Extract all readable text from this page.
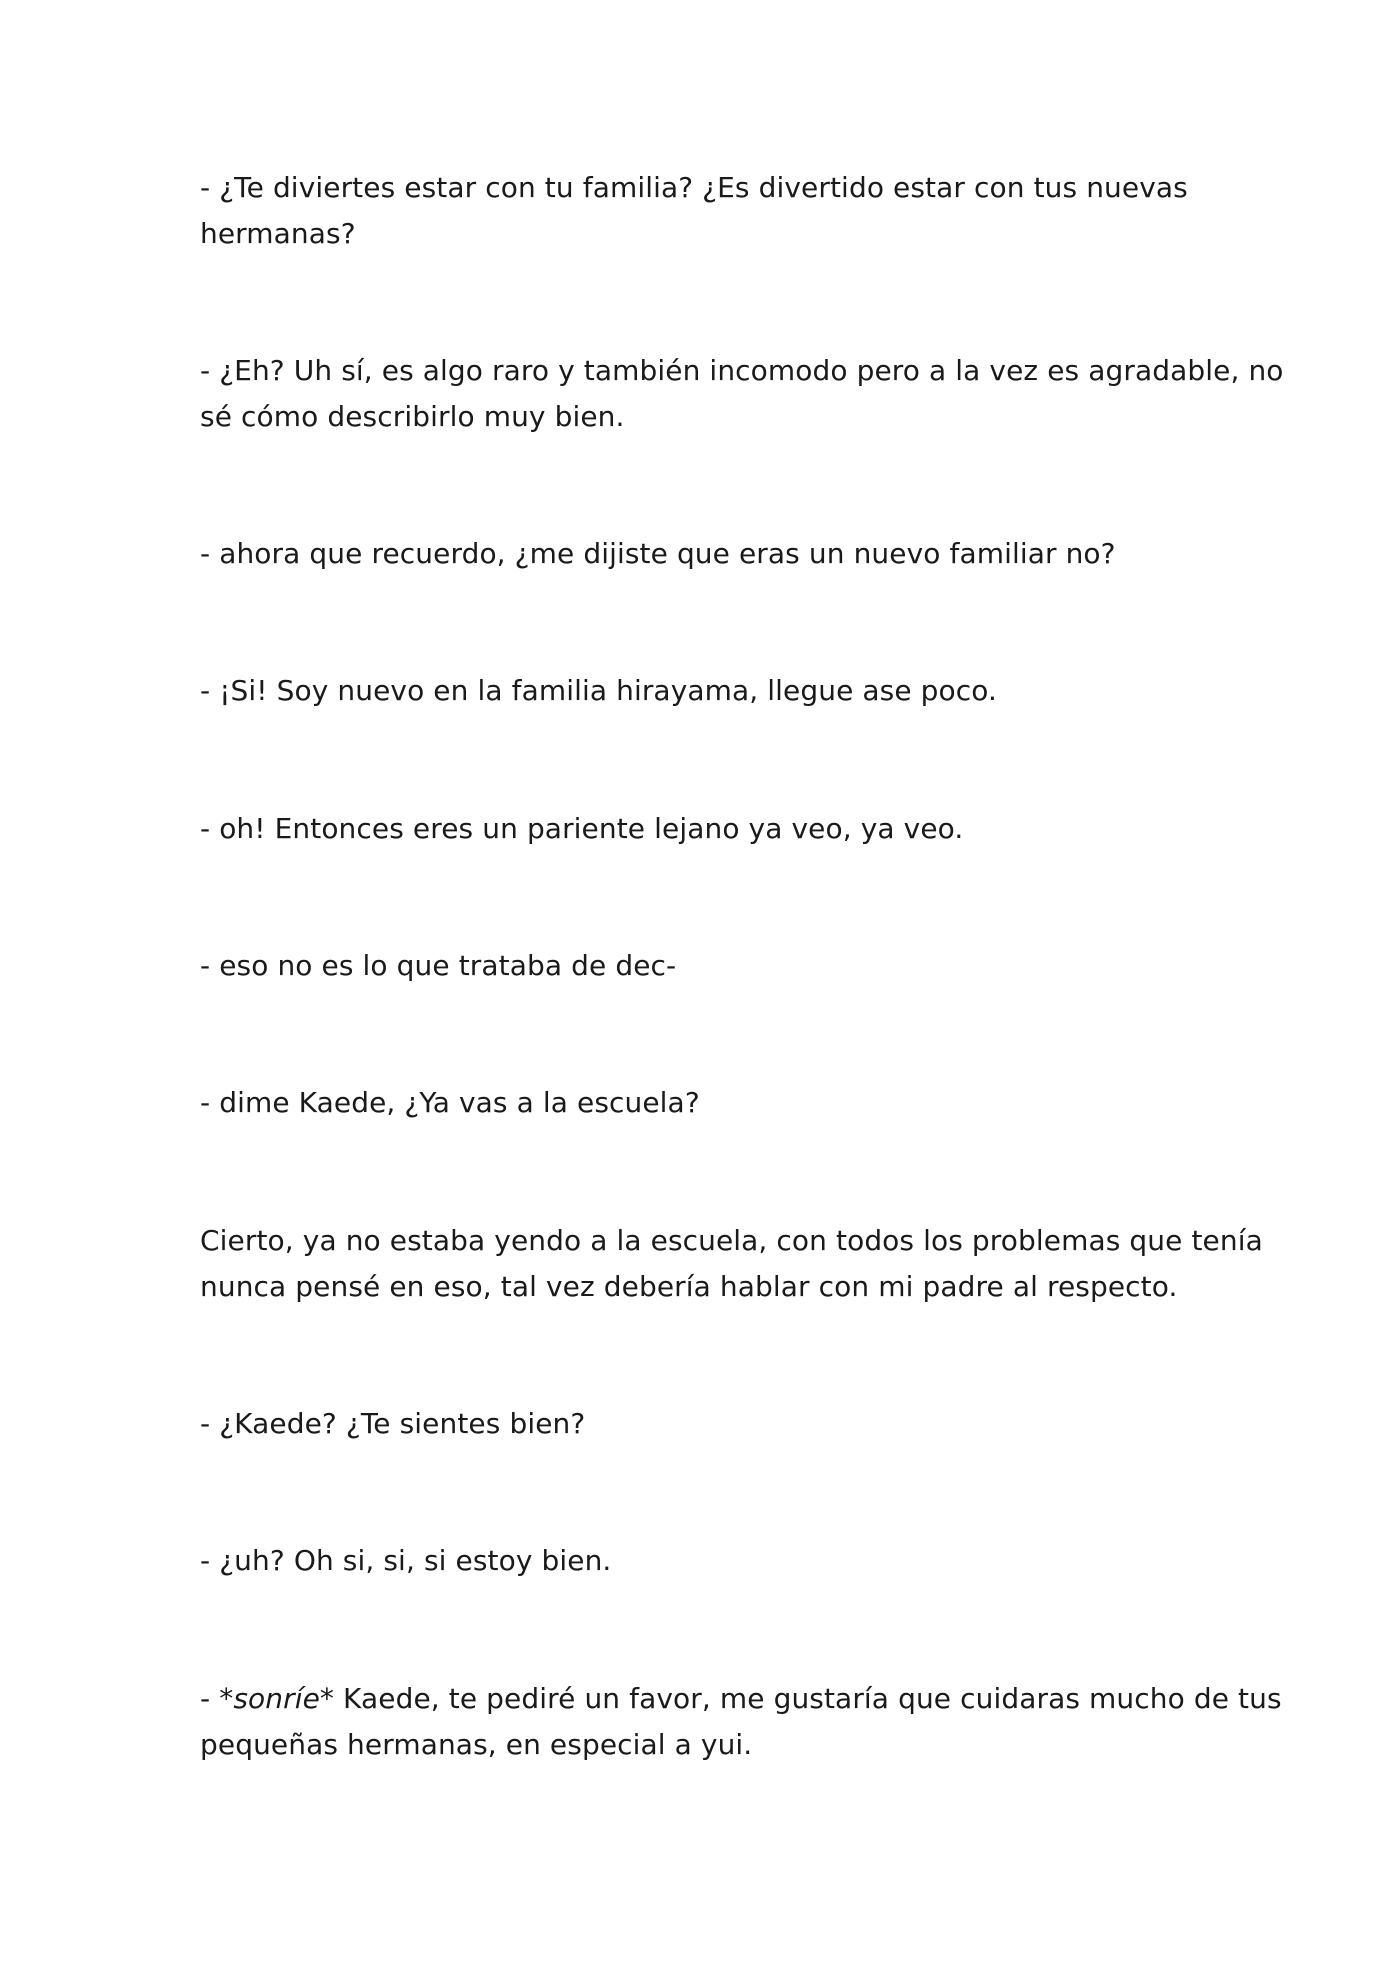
- ¿Te diviertes estar con tu familia? ¿Es divertido estar con tus nuevas
hermanas?

- ¿Eh? Uh sí, es algo raro y también incomodo pero a la vez es agradable, no
sé cómo describirlo muy bien.

- ahora que recuerdo, ¿me dijiste que eras un nuevo familiar no?

- ¡Si! Soy nuevo en la familia hirayama, llegue ase poco.

- oh! Entonces eres un pariente lejano ya veo, ya veo.

- eso no es lo que trataba de dec-

- dime Kaede, ¿Ya vas a la escuela?

Cierto, ya no estaba yendo a la escuela, con todos los problemas que tenía
nunca pensé en eso, tal vez debería hablar con mi padre al respecto.

- ¿Kaede? ¿Te sientes bien?

- ¿uh? Oh si, si, si estoy bien.

- *sonríe* Kaede, te pediré un favor, me gustaría que cuidaras mucho de tus
pequeñas hermanas, en especial a yui.
